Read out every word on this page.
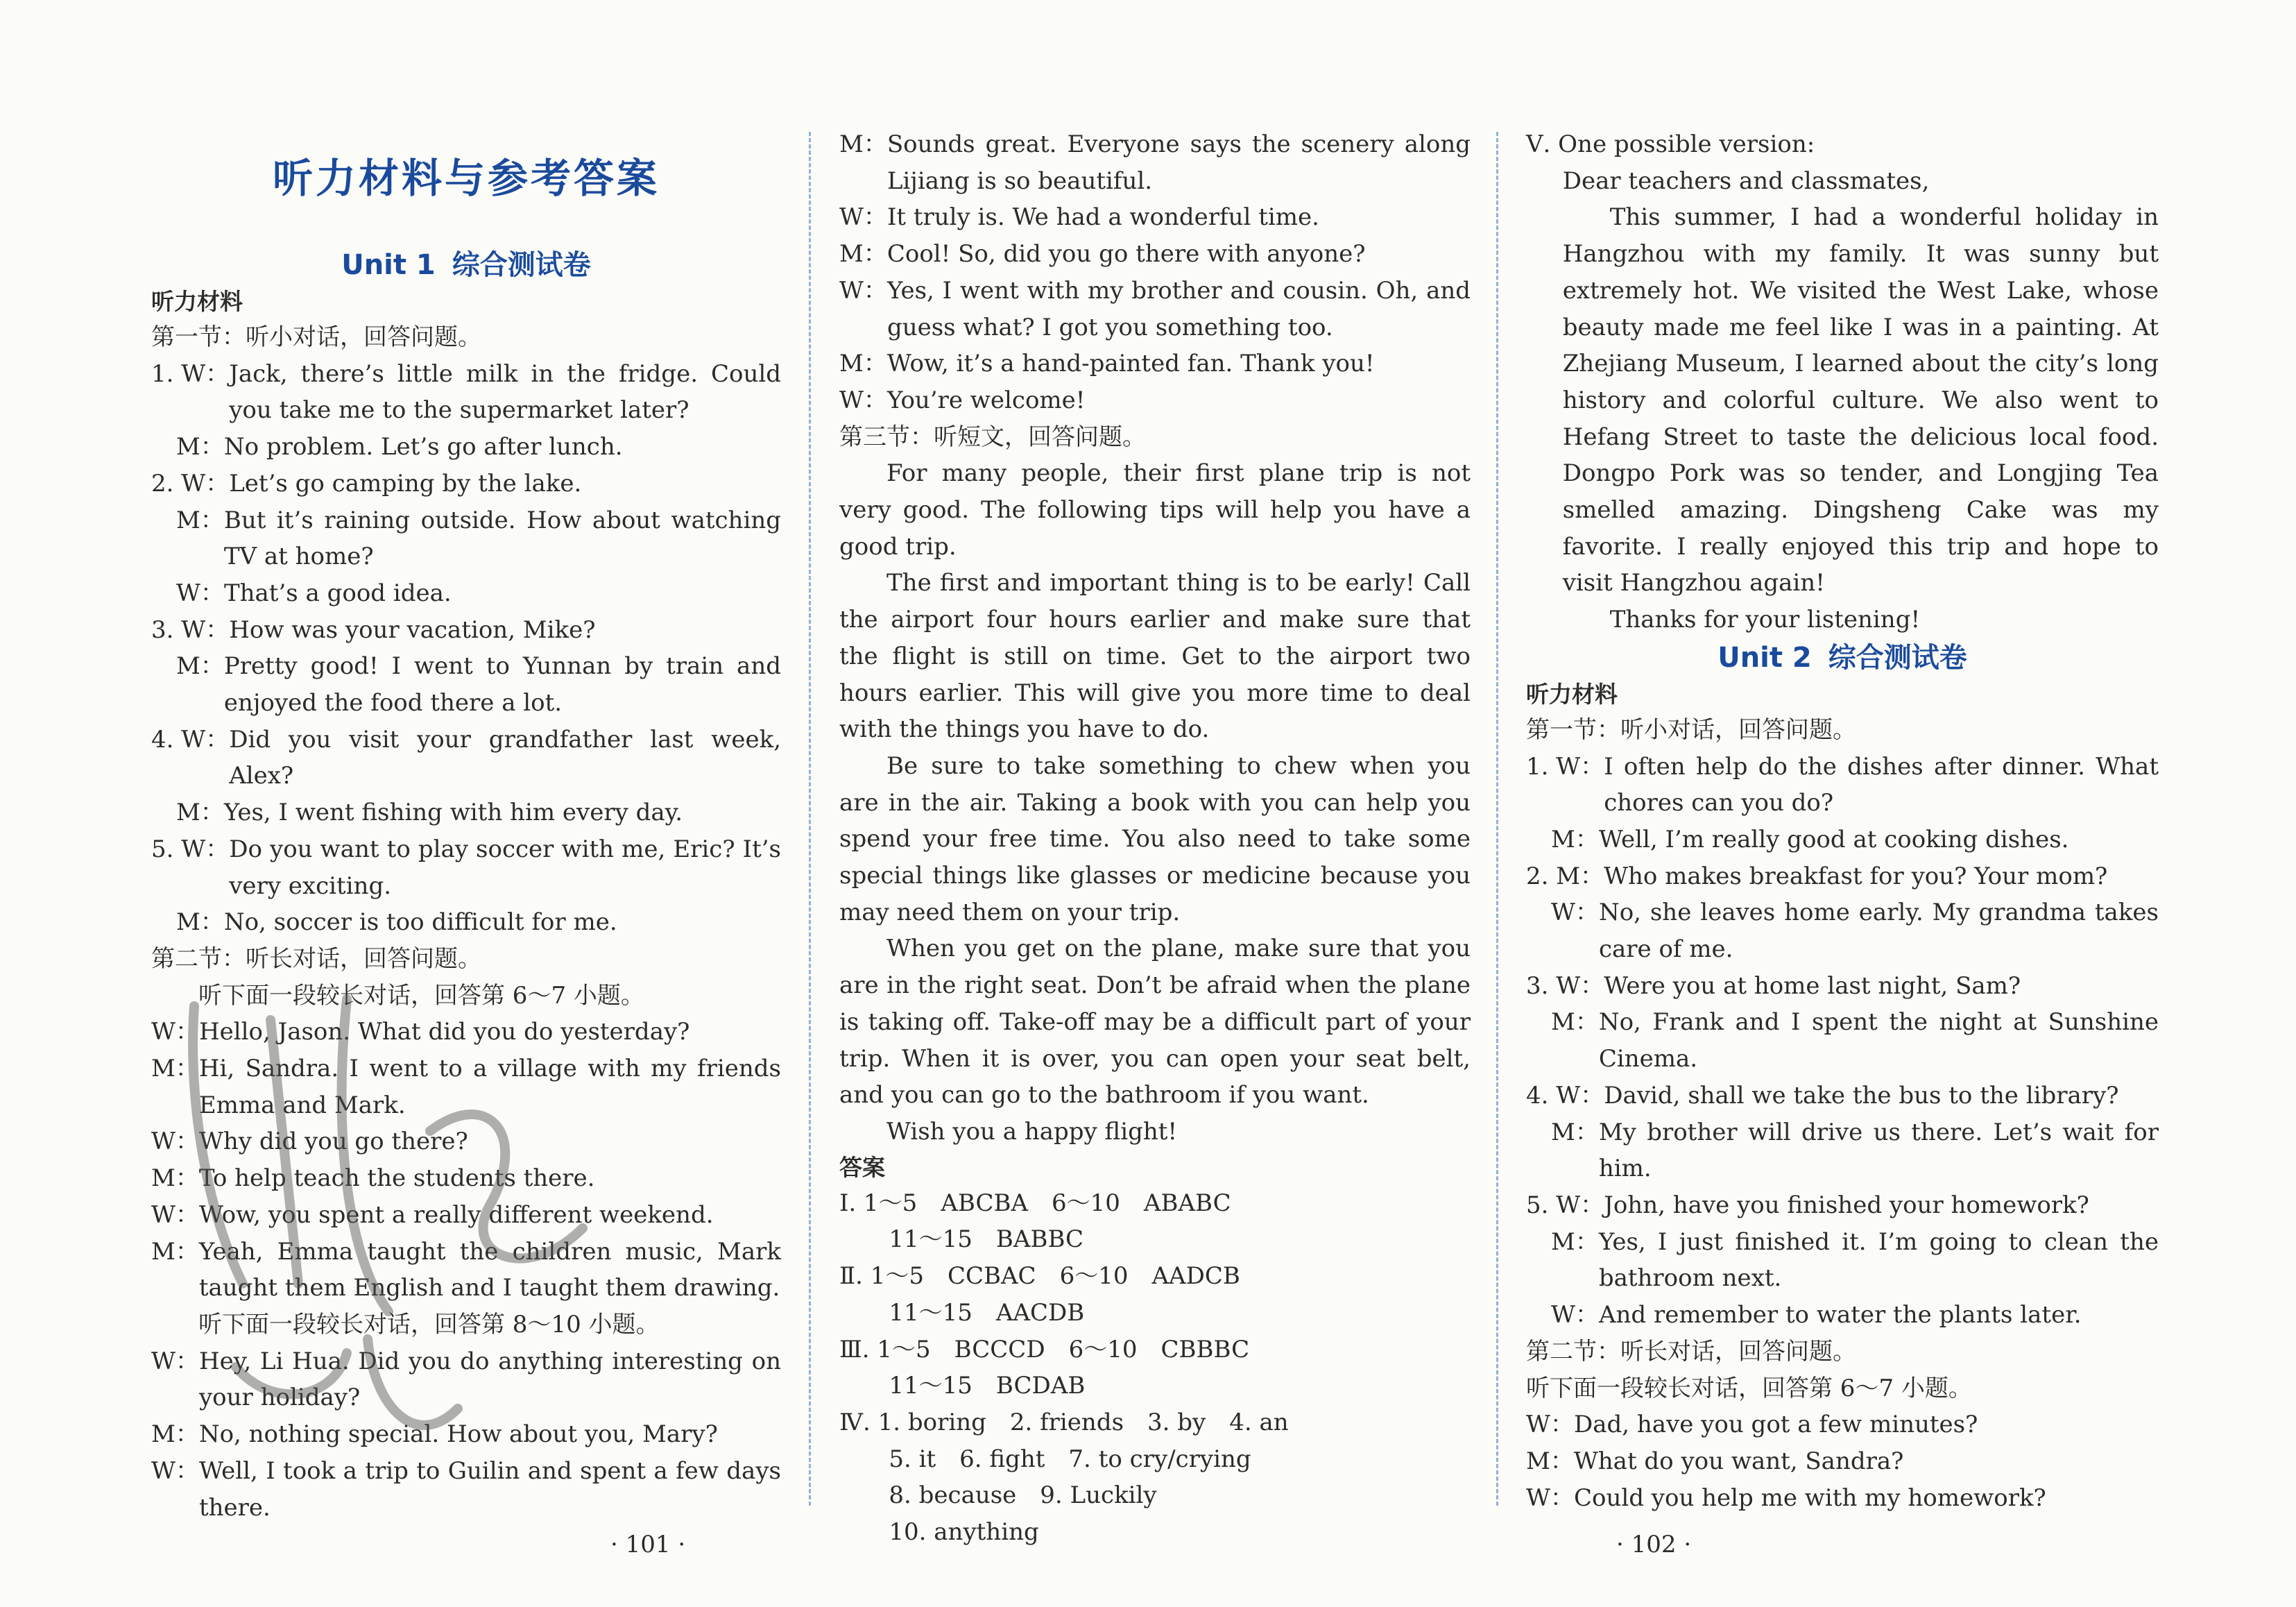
听力材料与参考答案
Unit 1 综合测试卷
听力材料

第一节：听小对话，回答问题。

1. W： Jack, there’s little milk in the fridge. Could you take me to the supermarket later?
M： No problem. Let’s go after lunch.
2. W： Let’s go camping by the lake.
M： But it’s raining outside. How about watching TV at home?
W： That’s a good idea.
3. W： How was your vacation, Mike?
M： Pretty good! I went to Yunnan by train and enjoyed the food there a lot.
4. W： Did you visit your grandfather last week, Alex?
M： Yes, I went fishing with him every day.
5. W： Do you want to play soccer with me, Eric? It’s very exciting.
M： No, soccer is too difficult for me.

第二节：听长对话，回答问题。

听下面一段较长对话，回答第 6～7 小题。

W： Hello, Jason. What did you do yesterday?
M： Hi, Sandra. I went to a village with my friends Emma and Mark.
W： Why did you go there?
M： To help teach the students there.
W： Wow, you spent a really different weekend.
M： Yeah, Emma taught the children music, Mark taught them English and I taught them drawing.

听下面一段较长对话，回答第 8～10 小题。

W： Hey, Li Hua. Did you do anything interesting on your holiday?
M： No, nothing special. How about you, Mary?
W： Well, I took a trip to Guilin and spent a few days there.
M： Sounds great. Everyone says the scenery along Lijiang is so beautiful.
W： It truly is. We had a wonderful time.
M： Cool! So, did you go there with anyone?
W： Yes, I went with my brother and cousin. Oh, and guess what? I got you something too.
M： Wow, it’s a hand-painted fan. Thank you!
W： You’re welcome!

第三节：听短文，回答问题。

For many people, their first plane trip is not very good. The following tips will help you have a good trip.

The first and important thing is to be early! Call the airport four hours earlier and make sure that the flight is still on time. Get to the airport two hours earlier. This will give you more time to deal with the things you have to do.

Be sure to take something to chew when you are in the air. Taking a book with you can help you spend your free time. You also need to take some special things like glasses or medicine because you may need them on your trip.

When you get on the plane, make sure that you are in the right seat. Don’t be afraid when the plane is taking off. Take-off may be a difficult part of your trip. When it is over, you can open your seat belt, and you can go to the bathroom if you want.

Wish you a happy flight!

答案

Ⅰ. 1～5　ABCBA　6～10　ABABC

11～15　BABBC

Ⅱ. 1～5　CCBAC　6～10　AADCB

11～15　AACDB

Ⅲ. 1～5　BCCCD　6～10　CBBBC

11～15　BCDAB

Ⅳ. 1. boring　2. friends　3. by　4. an

5. it　6. fight　7. to cry/crying

8. because　9. Luckily

10. anything

Ⅴ. One possible version:

Dear teachers and classmates,

This summer, I had a wonderful holiday in Hangzhou with my family. It was sunny but extremely hot. We visited the West Lake, whose beauty made me feel like I was in a painting. At Zhejiang Museum, I learned about the city’s long history and colorful culture. We also went to Hefang Street to taste the delicious local food. Dongpo Pork was so tender, and Longjing Tea smelled amazing. Dingsheng Cake was my favorite. I really enjoyed this trip and hope to visit Hangzhou again!

Thanks for your listening!

Unit 2 综合测试卷
听力材料

第一节：听小对话，回答问题。

1. W： I often help do the dishes after dinner. What chores can you do?
M： Well, I’m really good at cooking dishes.
2. M： Who makes breakfast for you? Your mom?
W： No, she leaves home early. My grandma takes care of me.
3. W： Were you at home last night, Sam?
M： No, Frank and I spent the night at Sunshine Cinema.
4. W： David, shall we take the bus to the library?
M： My brother will drive us there. Let’s wait for him.
5. W： John, have you finished your homework?
M： Yes, I just finished it. I’m going to clean the bathroom next.
W： And remember to water the plants later.

第二节：听长对话，回答问题。

听下面一段较长对话，回答第 6～7 小题。

W： Dad, have you got a few minutes?
M： What do you want, Sandra?
W： Could you help me with my homework?
· 101 ·	· 102 ·
